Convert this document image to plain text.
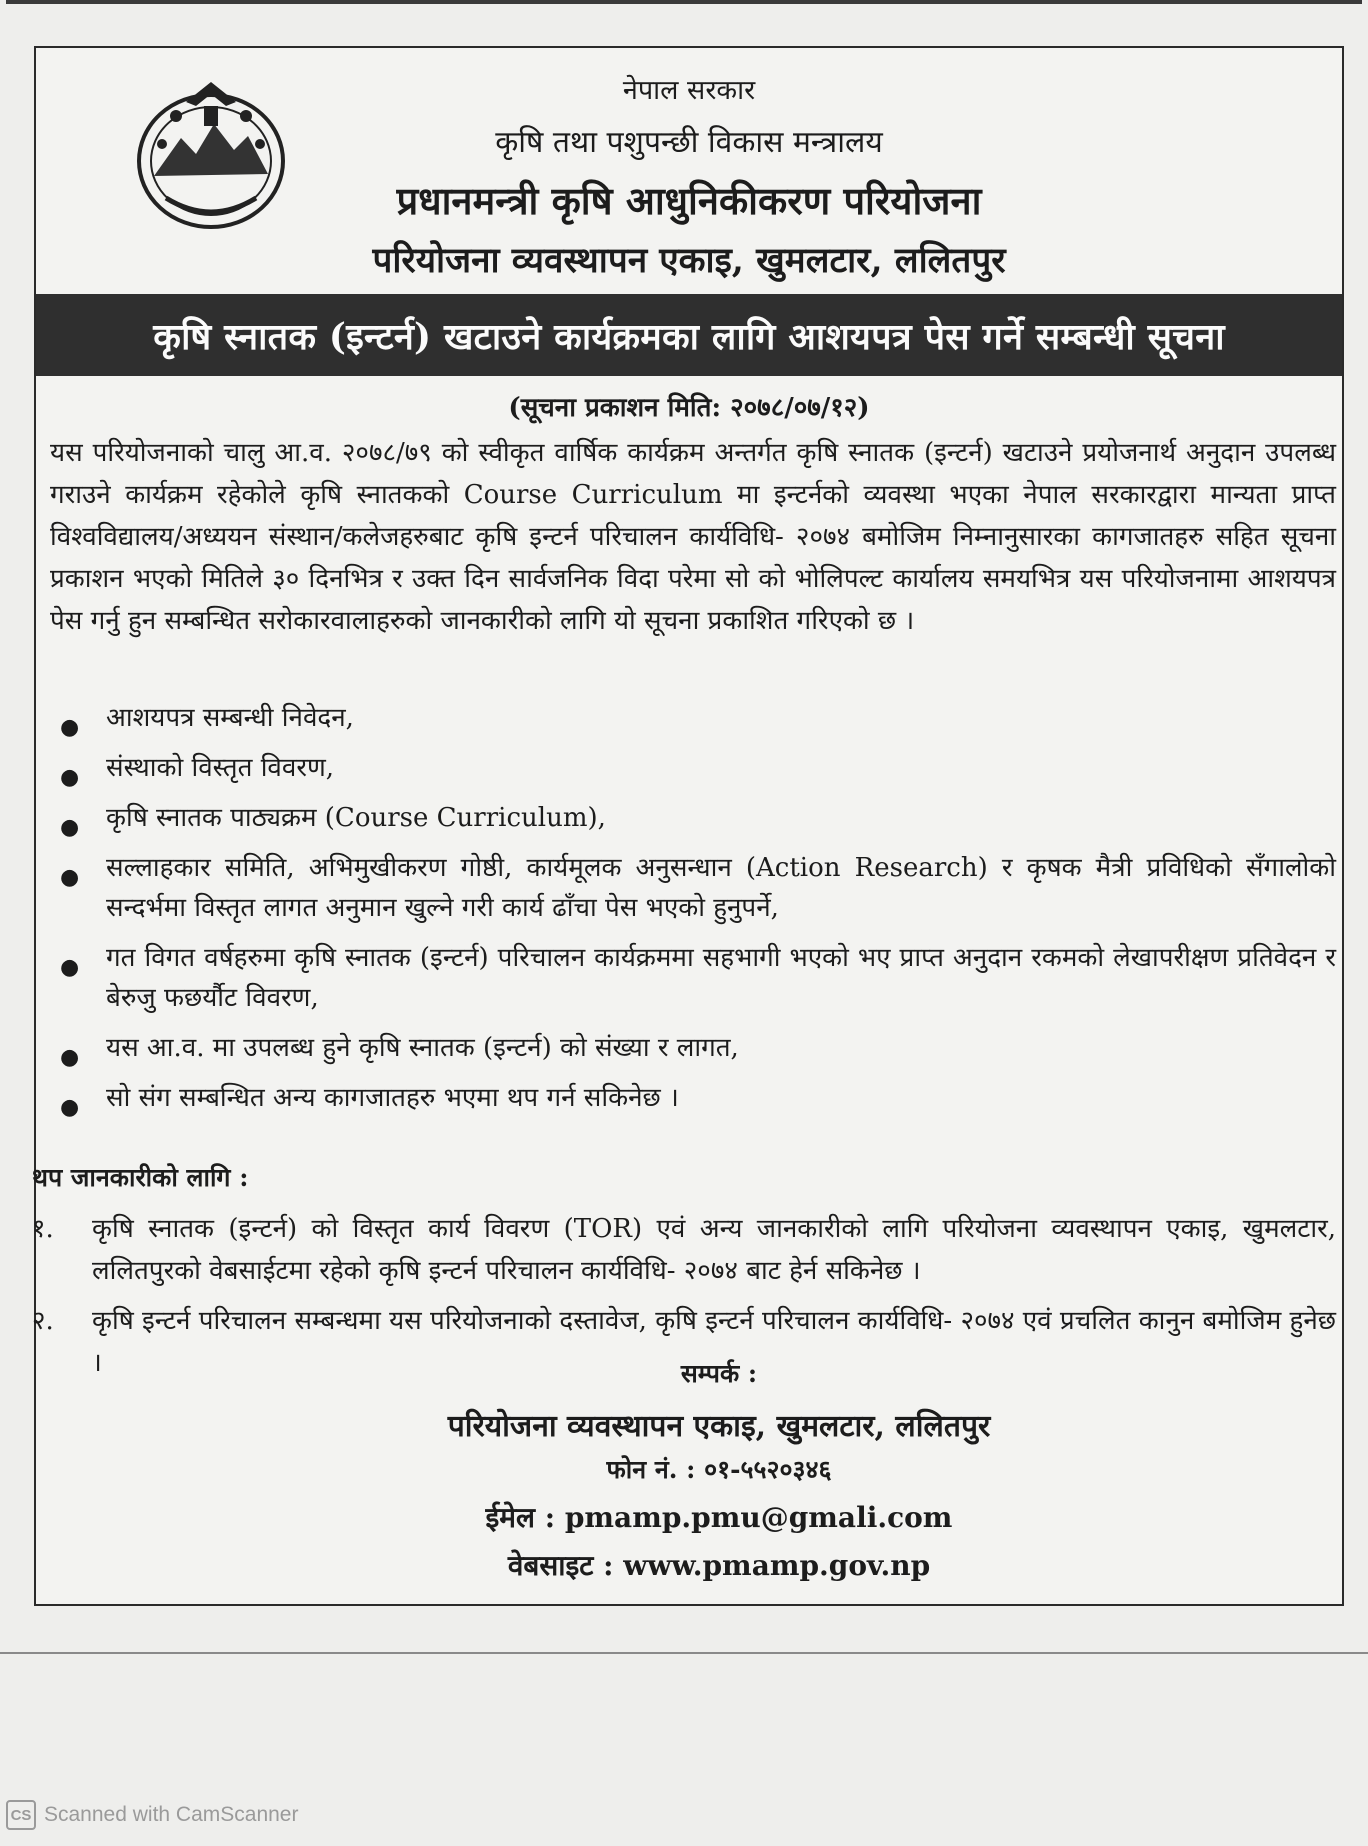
नेपाल सरकार
कृषि तथा पशुपन्छी विकास मन्त्रालय
प्रधानमन्त्री कृषि आधुनिकीकरण परियोजना
परियोजना व्यवस्थापन एकाइ, खुमलटार, ललितपुर
कृषि स्नातक (इन्टर्न) खटाउने कार्यक्रमका लागि आशयपत्र पेस गर्ने सम्बन्धी सूचना
(सूचना प्रकाशन मिति: २०७८/०७/१२)
यस परियोजनाको चालु आ.व. २०७८/७९ को स्वीकृत वार्षिक कार्यक्रम अन्तर्गत कृषि स्नातक (इन्टर्न) खटाउने प्रयोजनार्थ अनुदान उपलब्ध गराउने कार्यक्रम रहेकोले कृषि स्नातकको Course Curriculum मा इन्टर्नको व्यवस्था भएका नेपाल सरकारद्वारा मान्यता प्राप्त विश्वविद्यालय/अध्ययन संस्थान/कलेजहरुबाट कृषि इन्टर्न परिचालन कार्यविधि- २०७४ बमोजिम निम्नानुसारका कागजातहरु सहित सूचना प्रकाशन भएको मितिले ३० दिनभित्र र उक्त दिन सार्वजनिक विदा परेमा सो को भोलिपल्ट कार्यालय समयभित्र यस परियोजनामा आशयपत्र पेस गर्नु हुन सम्बन्धित सरोकारवालाहरुको जानकारीको लागि यो सूचना प्रकाशित गरिएको छ ।
● आशयपत्र सम्बन्धी निवेदन,
● संस्थाको विस्तृत विवरण,
● कृषि स्नातक पाठ्यक्रम (Course Curriculum),
● सल्लाहकार समिति, अभिमुखीकरण गोष्ठी, कार्यमूलक अनुसन्धान (Action Research) र कृषक मैत्री प्रविधिको सँगालोको सन्दर्भमा विस्तृत लागत अनुमान खुल्ने गरी कार्य ढाँचा पेस भएको हुनुपर्ने,
● गत विगत वर्षहरुमा कृषि स्नातक (इन्टर्न) परिचालन कार्यक्रममा सहभागी भएको भए प्राप्त अनुदान रकमको लेखापरीक्षण प्रतिवेदन र बेरुजु फछर्यौट विवरण,
● यस आ.व. मा उपलब्ध हुने कृषि स्नातक (इन्टर्न) को संख्या र लागत,
● सो संग सम्बन्धित अन्य कागजातहरु भएमा थप गर्न सकिनेछ ।
थप जानकारीको लागि :
१. कृषि स्नातक (इन्टर्न) को विस्तृत कार्य विवरण (TOR) एवं अन्य जानकारीको लागि परियोजना व्यवस्थापन एकाइ, खुमलटार, ललितपुरको वेबसाईटमा रहेको कृषि इन्टर्न परिचालन कार्यविधि- २०७४ बाट हेर्न सकिनेछ ।
२. कृषि इन्टर्न परिचालन सम्बन्धमा यस परियोजनाको दस्तावेज, कृषि इन्टर्न परिचालन कार्यविधि- २०७४ एवं प्रचलित कानुन बमोजिम हुनेछ ।	सम्पर्क :
परियोजना व्यवस्थापन एकाइ, खुमलटार, ललितपुर
फोन नं. : ०१-५५२०३४६
ईमेल : pmamp.pmu@gmali.com
वेबसाइट : www.pmamp.gov.np
CS Scanned with CamScanner
